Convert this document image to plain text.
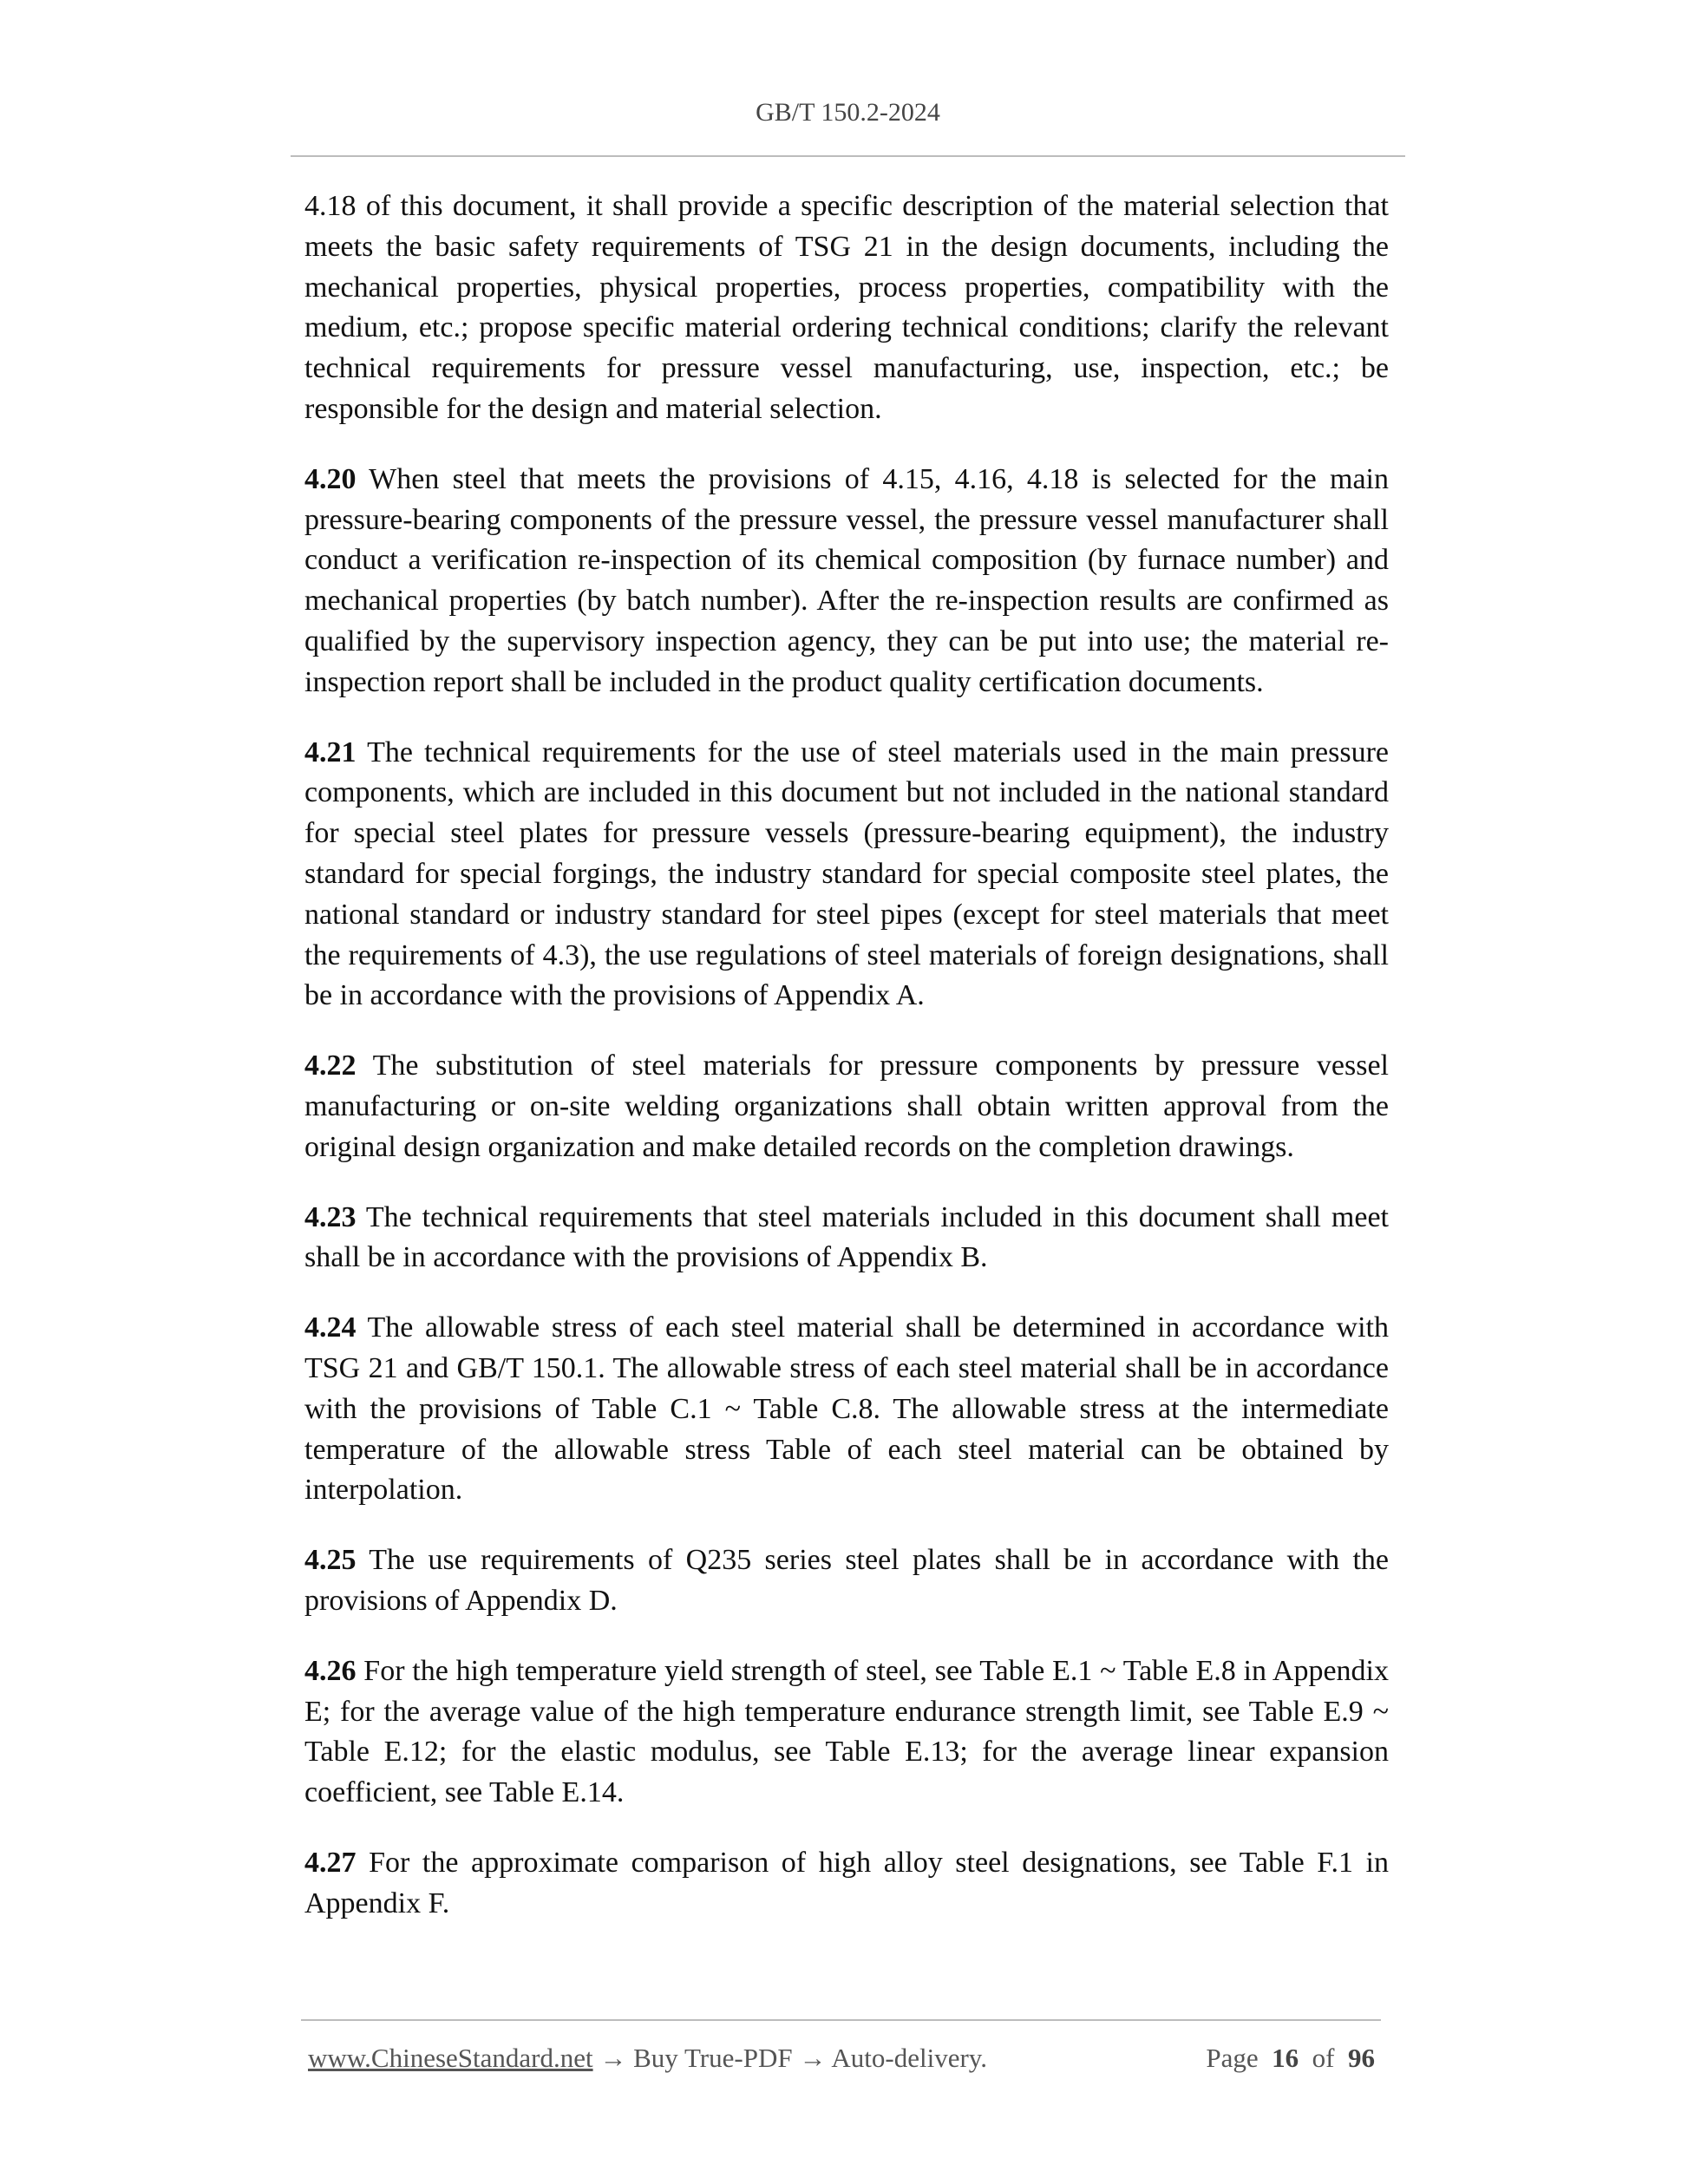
GB/T 150.2-2024

4.18 of this document, it shall provide a specific description of the material selection that meets the basic safety requirements of TSG 21 in the design documents, including the mechanical properties, physical properties, process properties, compatibility with the medium, etc.; propose specific material ordering technical conditions; clarify the relevant technical requirements for pressure vessel manufacturing, use, inspection, etc.; be responsible for the design and material selection.

4.20 When steel that meets the provisions of 4.15, 4.16, 4.18 is selected for the main pressure-bearing components of the pressure vessel, the pressure vessel manufacturer shall conduct a verification re-inspection of its chemical composition (by furnace number) and mechanical properties (by batch number). After the re-inspection results are confirmed as qualified by the supervisory inspection agency, they can be put into use; the material re-inspection report shall be included in the product quality certification documents.

4.21 The technical requirements for the use of steel materials used in the main pressure components, which are included in this document but not included in the national standard for special steel plates for pressure vessels (pressure-bearing equipment), the industry standard for special forgings, the industry standard for special composite steel plates, the national standard or industry standard for steel pipes (except for steel materials that meet the requirements of 4.3), the use regulations of steel materials of foreign designations, shall be in accordance with the provisions of Appendix A.

4.22 The substitution of steel materials for pressure components by pressure vessel manufacturing or on-site welding organizations shall obtain written approval from the original design organization and make detailed records on the completion drawings.

4.23 The technical requirements that steel materials included in this document shall meet shall be in accordance with the provisions of Appendix B.

4.24 The allowable stress of each steel material shall be determined in accordance with TSG 21 and GB/T 150.1. The allowable stress of each steel material shall be in accordance with the provisions of Table C.1 ~ Table C.8. The allowable stress at the intermediate temperature of the allowable stress Table of each steel material can be obtained by interpolation.

4.25 The use requirements of Q235 series steel plates shall be in accordance with the provisions of Appendix D.

4.26 For the high temperature yield strength of steel, see Table E.1 ~ Table E.8 in Appendix E; for the average value of the high temperature endurance strength limit, see Table E.9 ~ Table E.12; for the elastic modulus, see Table E.13; for the average linear expansion coefficient, see Table E.14.

4.27 For the approximate comparison of high alloy steel designations, see Table F.1 in Appendix F.

www.ChineseStandard.net → Buy True-PDF → Auto-delivery.	Page 16 of 96
